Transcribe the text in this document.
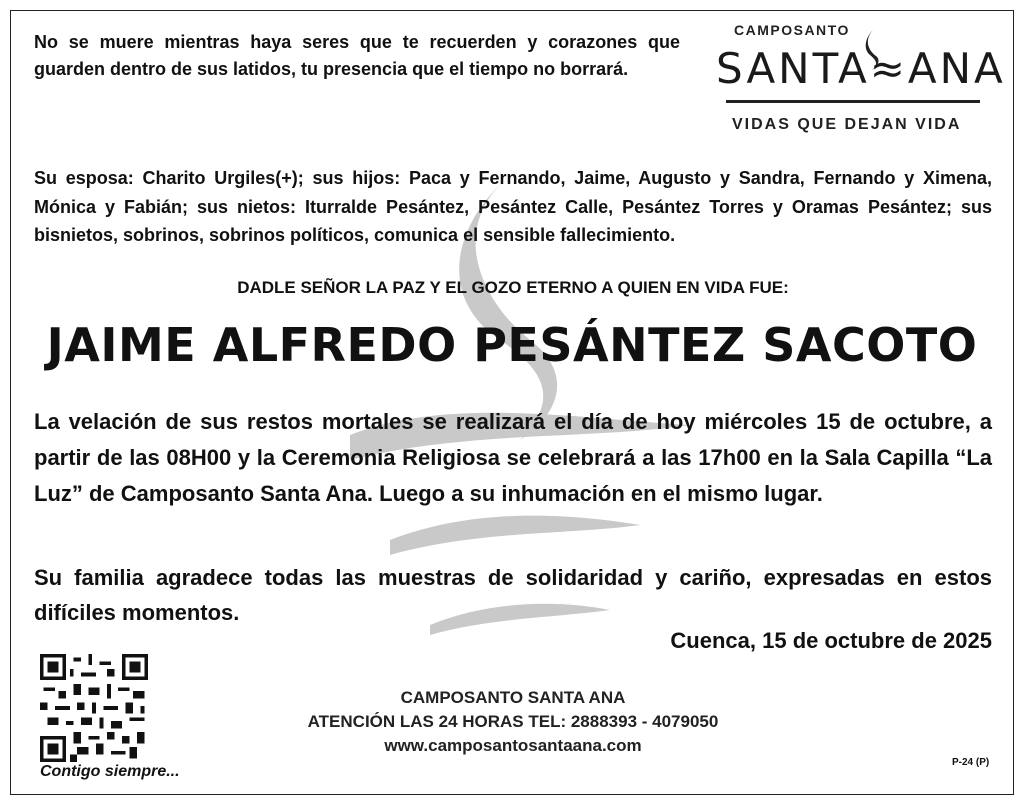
No se muere mientras haya seres que te recuerden y corazones que guarden dentro de sus latidos, tu presencia que el tiempo no borrará.

CAMPOSANTO
SANTA≈ANA
VIDAS QUE DEJAN VIDA

Su esposa: Charito Urgiles(+); sus hijos: Paca y Fernando, Jaime, Augusto y Sandra, Fernando y Ximena, Mónica y Fabián; sus nietos: Iturralde Pesántez, Pesántez Calle, Pesántez Torres y Oramas Pesántez; sus bisnietos, sobrinos, sobrinos políticos, comunica el sensible fallecimiento.

DADLE SEÑOR LA PAZ Y EL GOZO ETERNO A QUIEN EN VIDA FUE:

JAIME ALFREDO PESÁNTEZ SACOTO

La velación de sus restos mortales se realizará el día de hoy miércoles 15 de octubre, a partir de las 08H00 y la Ceremonia Religiosa se celebrará a las 17h00 en la Sala Capilla “La Luz” de Camposanto Santa Ana. Luego a su inhumación en el mismo lugar.

Su familia agradece todas las muestras de solidaridad y cariño, expresadas en estos difíciles momentos.

Cuenca, 15 de octubre de 2025

Contigo siempre...

CAMPOSANTO SANTA ANA
ATENCIÓN LAS 24 HORAS TEL: 2888393 - 4079050
www.camposantosantaana.com

P-24 (P)
